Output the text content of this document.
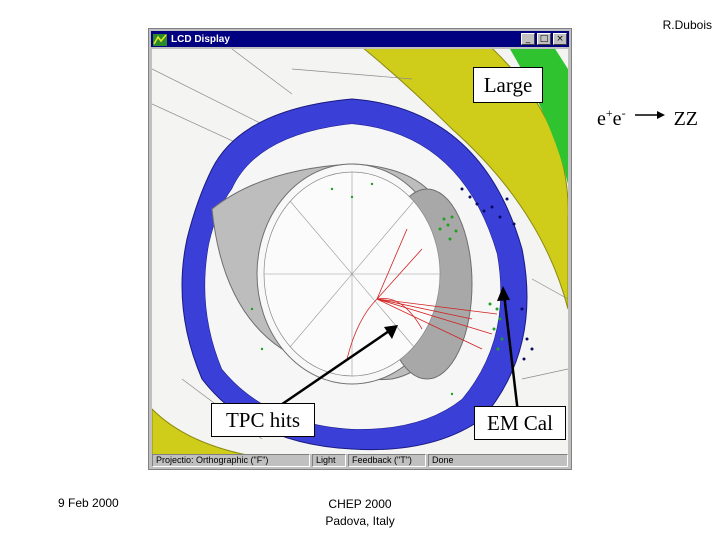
R.Dubois
e+e- → ZZ
LCD Display	_	□ ×
Large
TPC hits	EM Cal
Projectio: Orthographic ("F")	Light	Feedback ("T")	Done
9 Feb 2000	CHEP 2000
Padova, Italy
